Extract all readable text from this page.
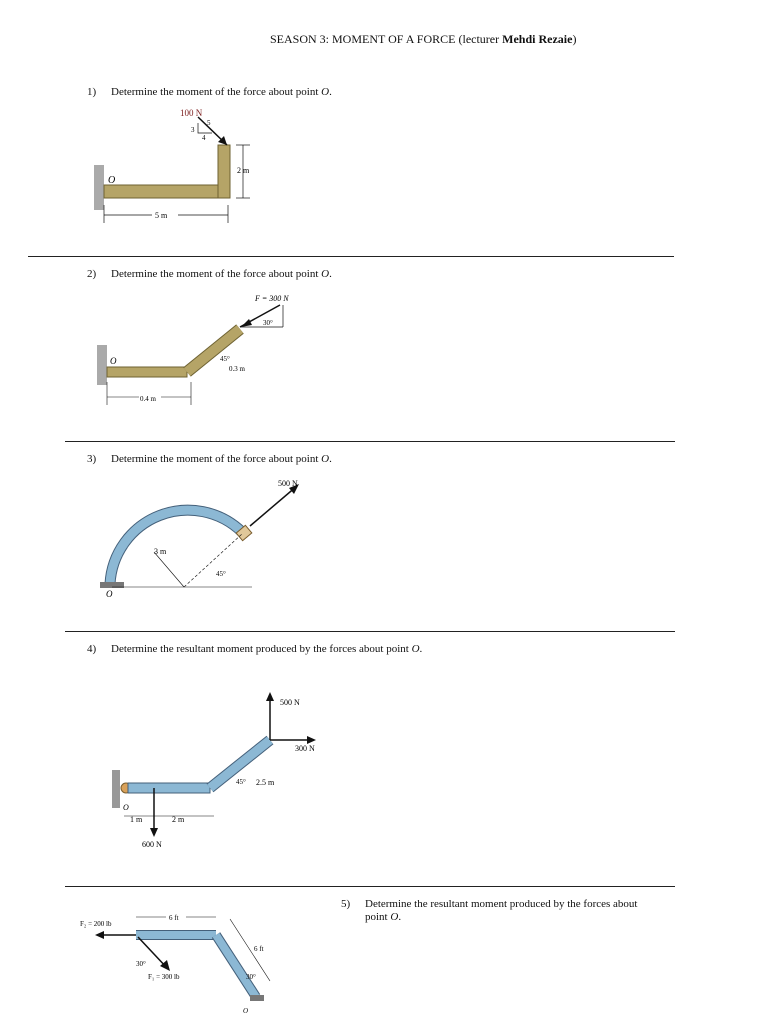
SEASON 3: MOMENT OF A FORCE (lecturer Mehdi Rezaie)
1) Determine the moment of the force about point O.
O
100 N
3
5
4
2 m
5 m
2) Determine the moment of the force about point O.
O
F = 300 N
30°
45°
0.3 m
0.4 m
3) Determine the moment of the force about point O.
500 N
3 m
45°
O
4) Determine the resultant moment produced by the forces about point O.
500 N
300 N
600 N
45° 2.5 m
O
1 m	2 m
5) Determine the resultant moment produced by the forces about
point O.
F₂ = 200 lb
F₁ = 300 lb
30°
6 ft
6 ft
30°
O
